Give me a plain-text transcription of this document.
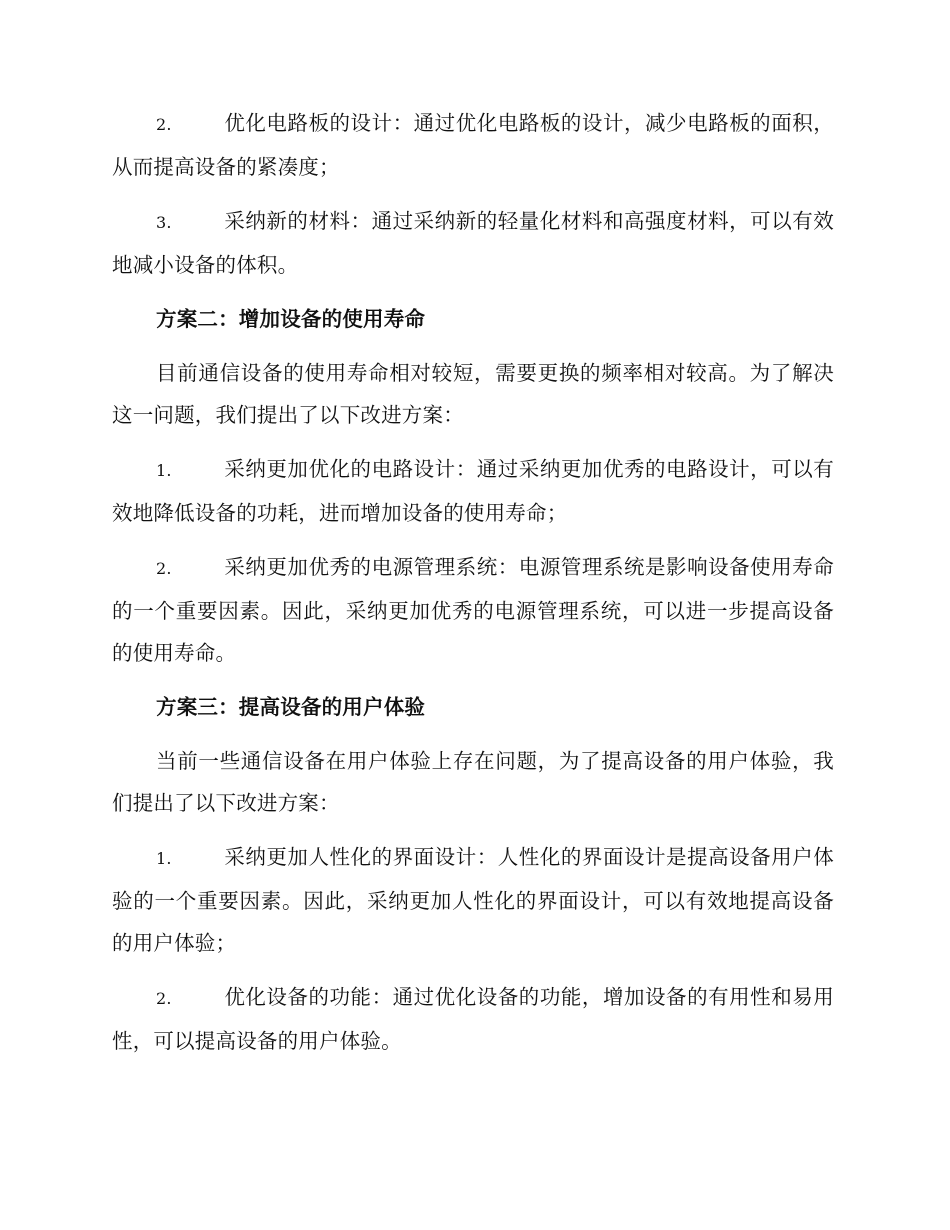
2.	优化电路板的设计：通过优化电路板的设计，减少电路板的面积，从而提高设备的紧凑度；

3.	采纳新的材料：通过采纳新的轻量化材料和高强度材料，可以有效地减小设备的体积。

方案二：增加设备的使用寿命

目前通信设备的使用寿命相对较短，需要更换的频率相对较高。为了解决这一问题，我们提出了以下改进方案：

1.	采纳更加优化的电路设计：通过采纳更加优秀的电路设计，可以有效地降低设备的功耗，进而增加设备的使用寿命；

2.	采纳更加优秀的电源管理系统：电源管理系统是影响设备使用寿命的一个重要因素。因此，采纳更加优秀的电源管理系统，可以进一步提高设备的使用寿命。

方案三：提高设备的用户体验

当前一些通信设备在用户体验上存在问题，为了提高设备的用户体验，我们提出了以下改进方案：

1.	采纳更加人性化的界面设计：人性化的界面设计是提高设备用户体验的一个重要因素。因此，采纳更加人性化的界面设计，可以有效地提高设备的用户体验；

2.	优化设备的功能：通过优化设备的功能，增加设备的有用性和易用性，可以提高设备的用户体验。
